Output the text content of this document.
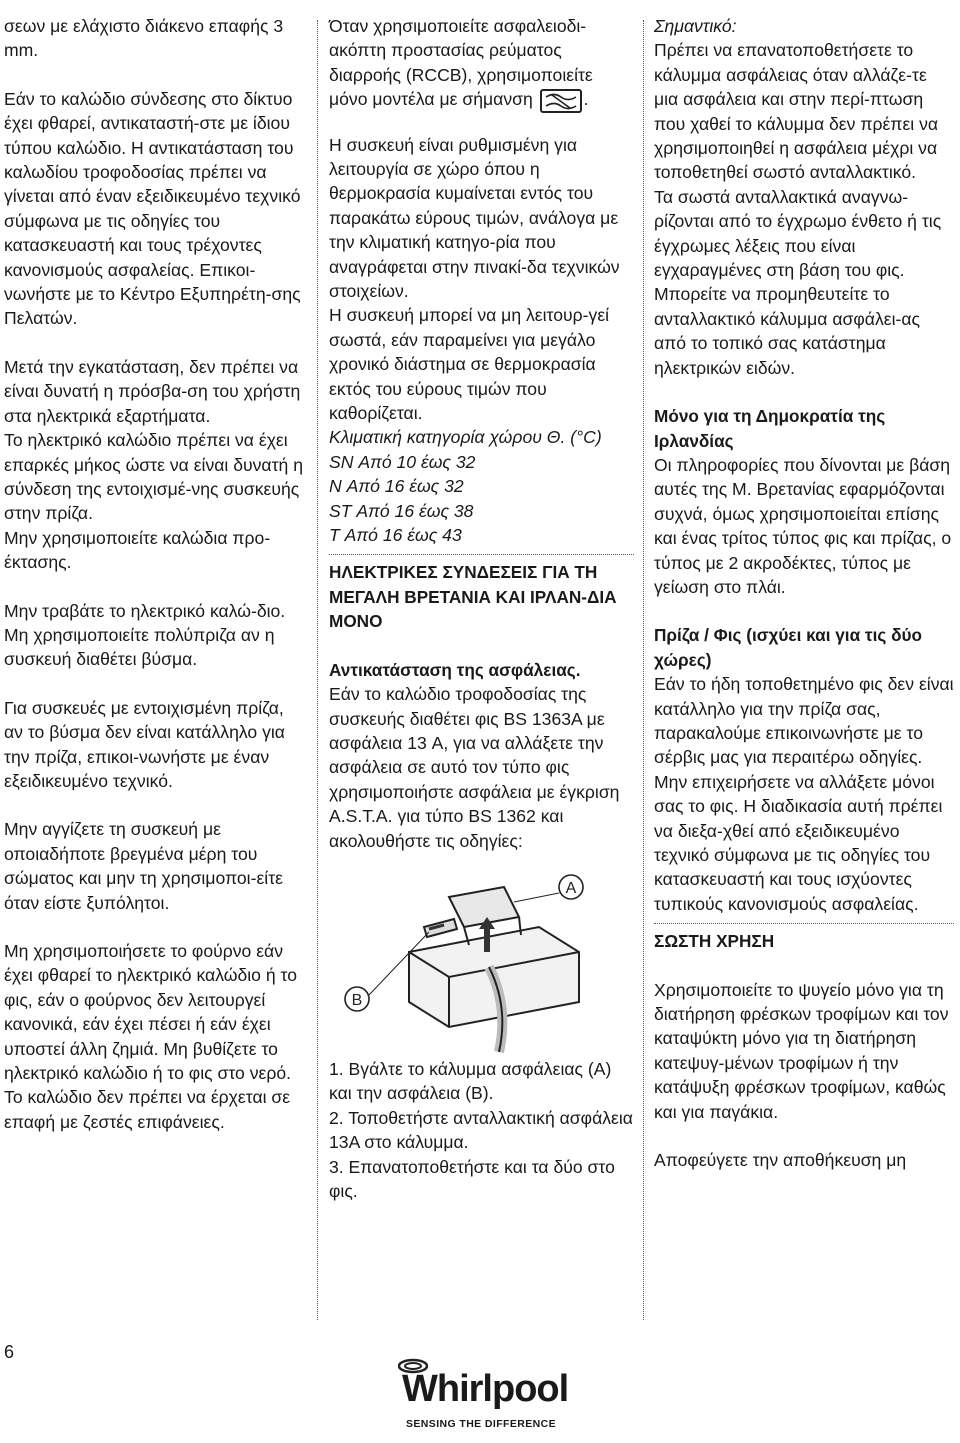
σεων με ελάχιστο διάκενο επαφής 3 mm.

Εάν το καλώδιο σύνδεσης στο δίκτυο έχει φθαρεί, αντικαταστή-στε με ίδιου τύπου καλώδιο. Η αντικατάσταση του καλωδίου τροφοδοσίας πρέπει να γίνεται από έναν εξειδικευμένο τεχνικό σύμφωνα με τις οδηγίες του κατασκευαστή και τους τρέχοντες κανονισμούς ασφαλείας. Επικοι-νωνήστε με το Κέντρο Εξυπηρέτη-σης Πελατών.

Μετά την εγκατάσταση, δεν πρέπει να είναι δυνατή η πρόσβα-ση του χρήστη στα ηλεκτρικά εξαρτήματα.

Το ηλεκτρικό καλώδιο πρέπει να έχει επαρκές μήκος ώστε να είναι δυνατή η σύνδεση της εντοιχισμέ-νης συσκευής στην πρίζα.

Μην χρησιμοποιείτε καλώδια προ-έκτασης.

Μην τραβάτε το ηλεκτρικό καλώ-διο.

Μη χρησιμοποιείτε πολύπριζα αν η συσκευή διαθέτει βύσμα.

Για συσκευές με εντοιχισμένη πρίζα, αν το βύσμα δεν είναι κατάλληλο για την πρίζα, επικοι-νωνήστε με έναν εξειδικευμένο τεχνικό.

Μην αγγίζετε τη συσκευή με οποιαδήποτε βρεγμένα μέρη του σώματος και μην τη χρησιμοποι-είτε όταν είστε ξυπόλητοι.

Μη χρησιμοποιήσετε το φούρνο εάν έχει φθαρεί το ηλεκτρικό καλώδιο ή το φις, εάν ο φούρνος δεν λειτουργεί κανονικά, εάν έχει πέσει ή εάν έχει υποστεί άλλη ζημιά. Μη βυθίζετε το ηλεκτρικό καλώδιο ή το φις στο νερό. Το καλώδιο δεν πρέπει να έρχεται σε επαφή με ζεστές επιφάνειες.

Όταν χρησιμοποιείτε ασφαλειοδι-ακόπτη προστασίας ρεύματος διαρροής (RCCB), χρησιμοποιείτε μόνο μοντέλα με σήμανση	.

Η συσκευή είναι ρυθμισμένη για λειτουργία σε χώρο όπου η θερμοκρασία κυμαίνεται εντός του παρακάτω εύρους τιμών, ανάλογα με την κλιματική κατηγο-ρία που αναγράφεται στην πινακί-δα τεχνικών στοιχείων.

Η συσκευή μπορεί να μη λειτουρ-γεί σωστά, εάν παραμείνει για μεγάλο χρονικό διάστημα σε θερμοκρασία εκτός του εύρους τιμών που καθορίζεται.

Κλιματική κατηγορία χώρου Θ. (°C)

SN Από 10 έως 32

N Από 16 έως 32

ST Από 16 έως 38

T Από 16 έως 43

ΗΛΕΚΤΡΙΚΕΣ ΣΥΝΔΕΣΕΙΣ ΓΙΑ ΤΗ ΜΕΓΑΛΗ ΒΡΕΤΑΝΙΑ ΚΑΙ ΙΡΛΑΝ-ΔΙΑ ΜΟΝΟ

Αντικατάσταση της ασφάλειας.

Εάν το καλώδιο τροφοδοσίας της συσκευής διαθέτει φις BS 1363A με ασφάλεια 13 A, για να αλλάξετε την ασφάλεια σε αυτό τον τύπο φις χρησιμοποιήστε ασφάλεια με έγκριση A.S.T.A. για τύπο BS 1362 και ακολουθήστε τις οδηγίες:

A
B

1. Βγάλτε το κάλυμμα ασφάλειας (A) και την ασφάλεια (B).

2. Τοποθετήστε ανταλλακτική ασφάλεια 13A στο κάλυμμα.

3. Επανατοποθετήστε και τα δύο στο φις.

Σημαντικό:

Πρέπει να επανατοποθετήσετε το κάλυμμα ασφάλειας όταν αλλάζε-τε μια ασφάλεια και στην περί-πτωση που χαθεί το κάλυμμα δεν πρέπει να χρησιμοποιηθεί η ασφάλεια μέχρι να τοποθετηθεί σωστό ανταλλακτικό.

Τα σωστά ανταλλακτικά αναγνω-ρίζονται από το έγχρωμο ένθετο ή τις έγχρωμες λέξεις που είναι εγχαραγμένες στη βάση του φις.

Μπορείτε να προμηθευτείτε το ανταλλακτικό κάλυμμα ασφάλει-ας από το τοπικό σας κατάστημα ηλεκτρικών ειδών.

Μόνο για τη Δημοκρατία της Ιρλανδίας

Οι πληροφορίες που δίνονται με βάση αυτές της Μ. Βρετανίας εφαρμόζονται συχνά, όμως χρησιμοποιείται επίσης και ένας τρίτος τύπος φις και πρίζας, ο τύπος με 2 ακροδέκτες, τύπος με γείωση στο πλάι.

Πρίζα / Φις (ισχύει και για τις δύο χώρες)

Εάν το ήδη τοποθετημένο φις δεν είναι κατάλληλο για την πρίζα σας, παρακαλούμε επικοινωνήστε με το σέρβις μας για περαιτέρω οδηγίες. Μην επιχειρήσετε να αλλάξετε μόνοι σας το φις. Η διαδικασία αυτή πρέπει να διεξα-χθεί από εξειδικευμένο τεχνικό σύμφωνα με τις οδηγίες του κατασκευαστή και τους ισχύοντες τυπικούς κανονισμούς ασφαλείας.

ΣΩΣΤΗ ΧΡΗΣΗ

Χρησιμοποιείτε το ψυγείο μόνο για τη διατήρηση φρέσκων τροφίμων και τον καταψύκτη μόνο για τη διατήρηση κατεψυγ-μένων τροφίμων ή την κατάψυξη φρέσκων τροφίμων, καθώς και για παγάκια.

Αποφεύγετε την αποθήκευση μη

6
Whirlpool
SENSING THE DIFFERENCE
